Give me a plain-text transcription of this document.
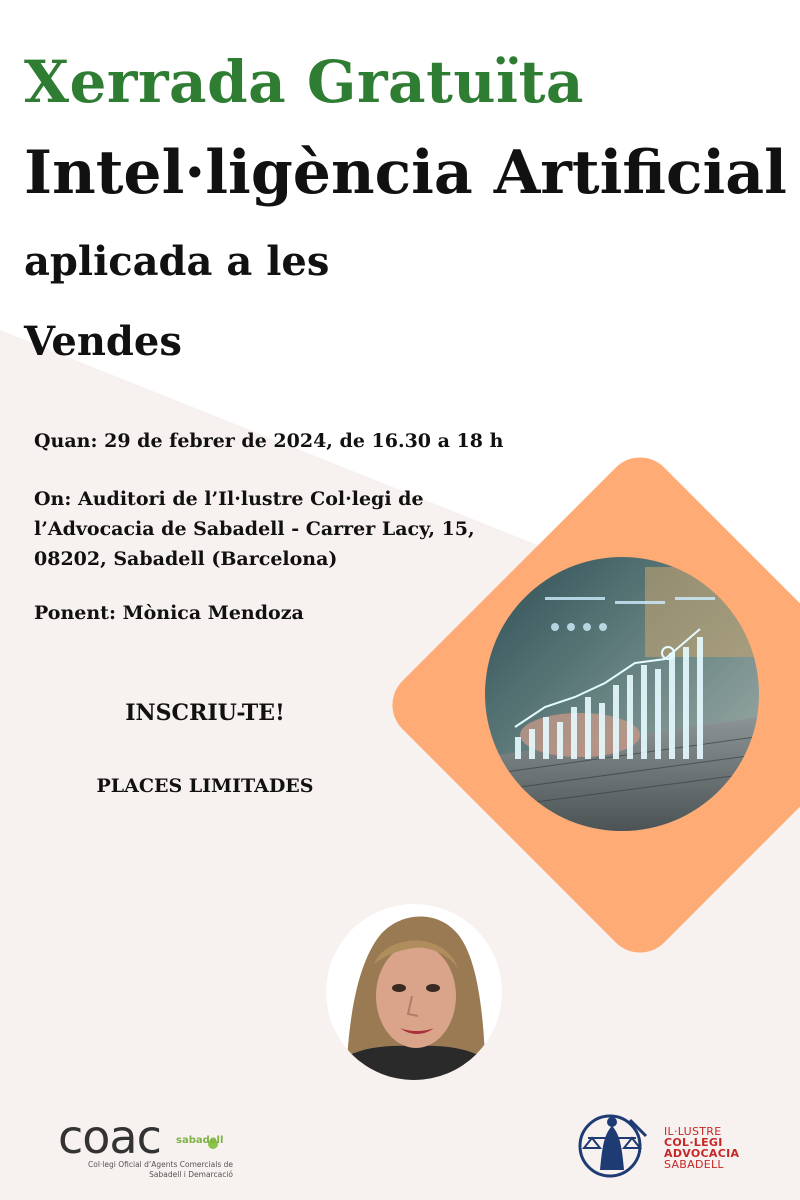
Xerrada Gratuïta
Intel·ligència Artificial
aplicada a les
Vendes
Quan: 29 de febrer de 2024, de 16.30 a 18 h
On: Auditori de l’Il·lustre Col·legi de l’Advocacia de Sabadell - Carrer Lacy, 15, 08202, Sabadell (Barcelona)
Ponent: Mònica Mendoza
INSCRIU-TE!
PLACES LIMITADES
coac sabadell
Col·legi Oficial d’Agents Comercials de Sabadell i Demarcació
IL·LUSTRE
COL·LEGI
ADVOCACIA
SABADELL
